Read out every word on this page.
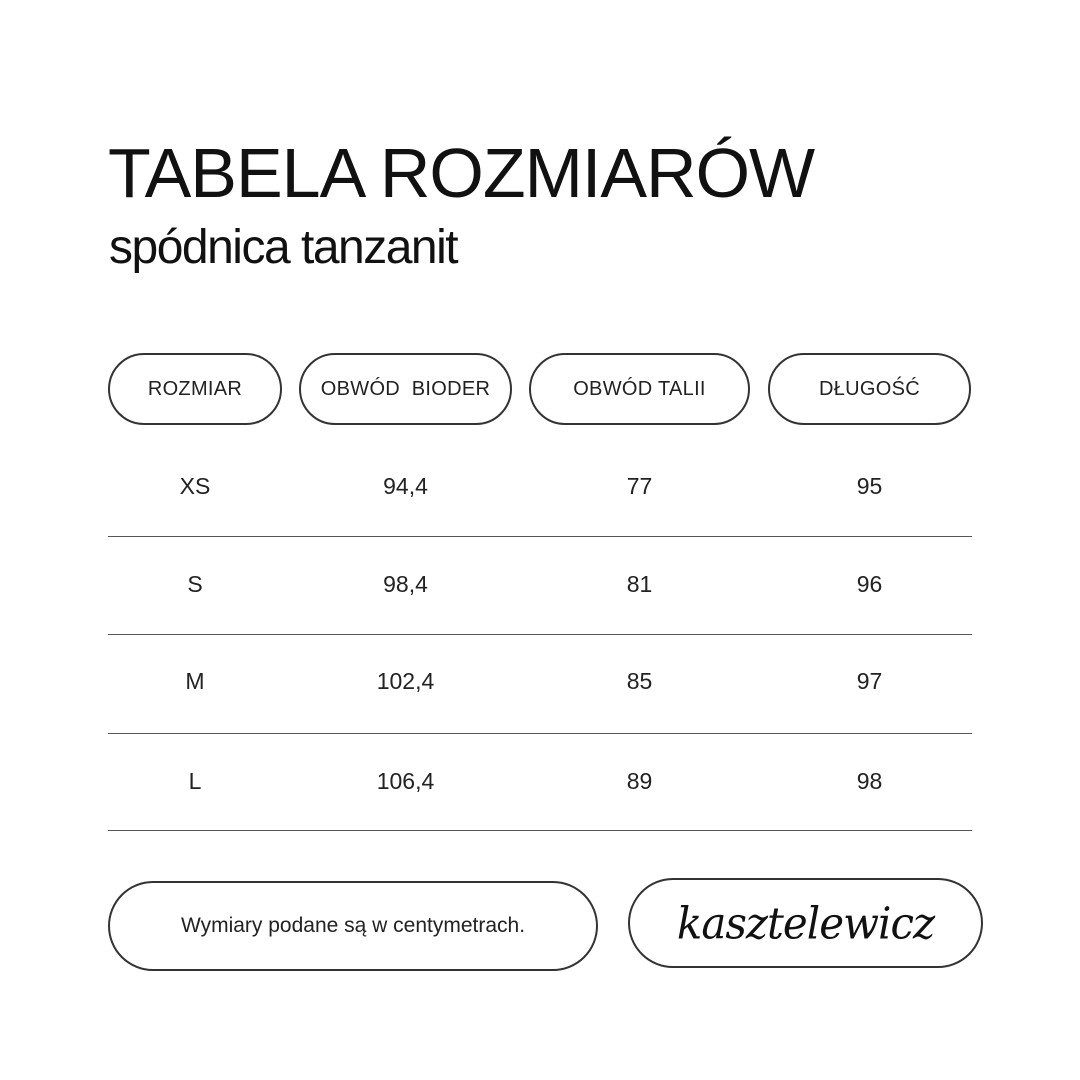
TABELA ROZMIARÓW
spódnica tanzanit
ROZMIAR	OBWÓD  BIODER	OBWÓD TALII	DŁUGOŚĆ
XS	94,4	77	95
S	98,4	81	96
M	102,4	85	97
L	106,4	89	98
Wymiary podane są w centymetrach.	kasztelewicz
